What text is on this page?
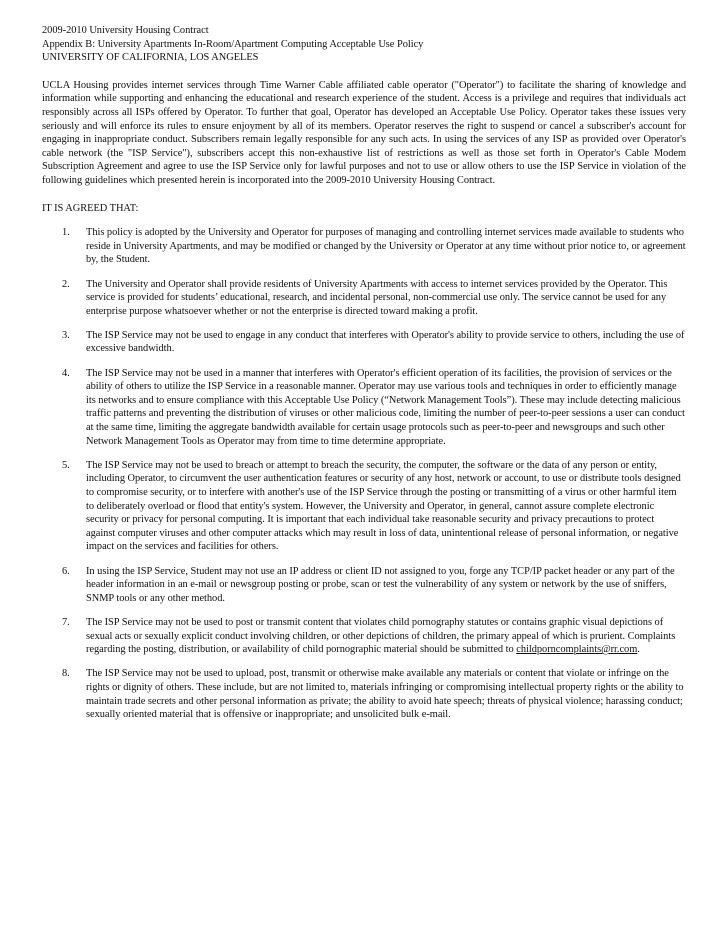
2009-2010 University Housing Contract

Appendix B: University Apartments In-Room/Apartment Computing Acceptable Use Policy

UNIVERSITY OF CALIFORNIA, LOS ANGELES

UCLA Housing provides internet services through Time Warner Cable affiliated cable operator ("Operator") to facilitate the sharing of knowledge and information while supporting and enhancing the educational and research experience of the student. Access is a privilege and requires that individuals act responsibly across all ISPs offered by Operator. To further that goal, Operator has developed an Acceptable Use Policy. Operator takes these issues very seriously and will enforce its rules to ensure enjoyment by all of its members. Operator reserves the right to suspend or cancel a subscriber's account for engaging in inappropriate conduct. Subscribers remain legally responsible for any such acts. In using the services of any ISP as provided over Operator's cable network (the "ISP Service"), subscribers accept this non-exhaustive list of restrictions as well as those set forth in Operator's Cable Modem Subscription Agreement and agree to use the ISP Service only for lawful purposes and not to use or allow others to use the ISP Service in violation of the following guidelines which presented herein is incorporated into the 2009-2010 University Housing Contract.

IT IS AGREED THAT:

1. This policy is adopted by the University and Operator for purposes of managing and controlling internet services made available to students who reside in University Apartments, and may be modified or changed by the University or Operator at any time without prior notice to, or agreement by, the Student.
2. The University and Operator shall provide residents of University Apartments with access to internet services provided by the Operator. This service is provided for students’ educational, research, and incidental personal, non-commercial use only. The service cannot be used for any enterprise purpose whatsoever whether or not the enterprise is directed toward making a profit.
3. The ISP Service may not be used to engage in any conduct that interferes with Operator's ability to provide service to others, including the use of excessive bandwidth.
4. The ISP Service may not be used in a manner that interferes with Operator's efficient operation of its facilities, the provision of services or the ability of others to utilize the ISP Service in a reasonable manner. Operator may use various tools and techniques in order to efficiently manage its networks and to ensure compliance with this Acceptable Use Policy (“Network Management Tools”). These may include detecting malicious traffic patterns and preventing the distribution of viruses or other malicious code, limiting the number of peer-to-peer sessions a user can conduct at the same time, limiting the aggregate bandwidth available for certain usage protocols such as peer-to-peer and newsgroups and such other Network Management Tools as Operator may from time to time determine appropriate.
5. The ISP Service may not be used to breach or attempt to breach the security, the computer, the software or the data of any person or entity, including Operator, to circumvent the user authentication features or security of any host, network or account, to use or distribute tools designed to compromise security, or to interfere with another's use of the ISP Service through the posting or transmitting of a virus or other harmful item to deliberately overload or flood that entity's system. However, the University and Operator, in general, cannot assure complete electronic security or privacy for personal computing. It is important that each individual take reasonable security and privacy precautions to protect against computer viruses and other computer attacks which may result in loss of data, unintentional release of personal information, or negative impact on the services and facilities for others.
6. In using the ISP Service, Student may not use an IP address or client ID not assigned to you, forge any TCP/IP packet header or any part of the header information in an e-mail or newsgroup posting or probe, scan or test the vulnerability of any system or network by the use of sniffers, SNMP tools or any other method.
7. The ISP Service may not be used to post or transmit content that violates child pornography statutes or contains graphic visual depictions of sexual acts or sexually explicit conduct involving children, or other depictions of children, the primary appeal of which is prurient. Complaints regarding the posting, distribution, or availability of child pornographic material should be submitted to childporncomplaints@rr.com.
8. The ISP Service may not be used to upload, post, transmit or otherwise make available any materials or content that violate or infringe on the rights or dignity of others. These include, but are not limited to, materials infringing or compromising intellectual property rights or the ability to maintain trade secrets and other personal information as private; the ability to avoid hate speech; threats of physical violence; harassing conduct; sexually oriented material that is offensive or inappropriate; and unsolicited bulk e-mail.
